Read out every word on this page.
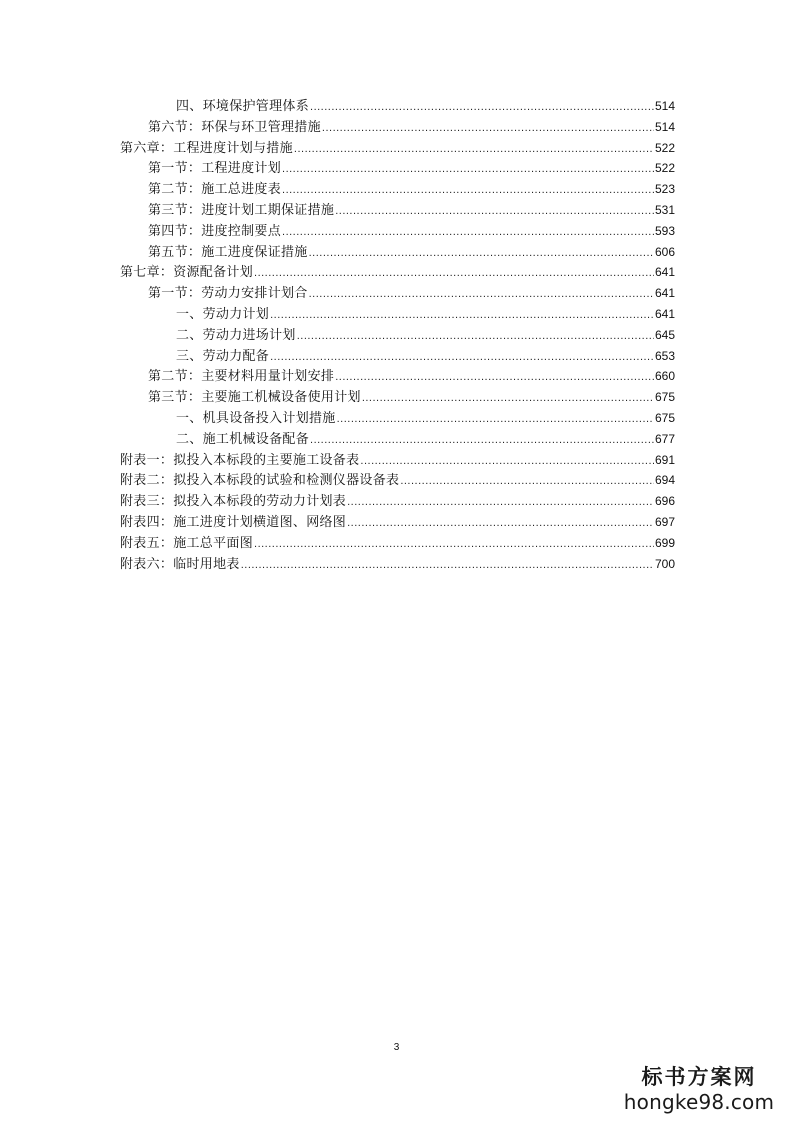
四、环境保护管理体系 .....	514
第六节：环保与环卫管理措施 .....	514
第六章：工程进度计划与措施 .....	522
第一节：工程进度计划 .....	522
第二节：施工总进度表 .....	523
第三节：进度计划工期保证措施 .....	531
第四节：进度控制要点 .....	593
第五节：施工进度保证措施 .....	606
第七章：资源配备计划 .....	641
第一节：劳动力安排计划合 .....	641
一、劳动力计划 .....	641
二、劳动力进场计划 .....	645
三、劳动力配备 .....	653
第二节：主要材料用量计划安排 .....	660
第三节：主要施工机械设备使用计划 .....	675
一、机具设备投入计划措施 .....	675
二、施工机械设备配备 .....	677
附表一：拟投入本标段的主要施工设备表 .....	691
附表二：拟投入本标段的试验和检测仪器设备表 .....	694
附表三：拟投入本标段的劳动力计划表 .....	696
附表四：施工进度计划横道图、网络图 .....	697
附表五：施工总平面图 .....	699
附表六：临时用地表 .....	700
3
标书方案网
hongke98.com
